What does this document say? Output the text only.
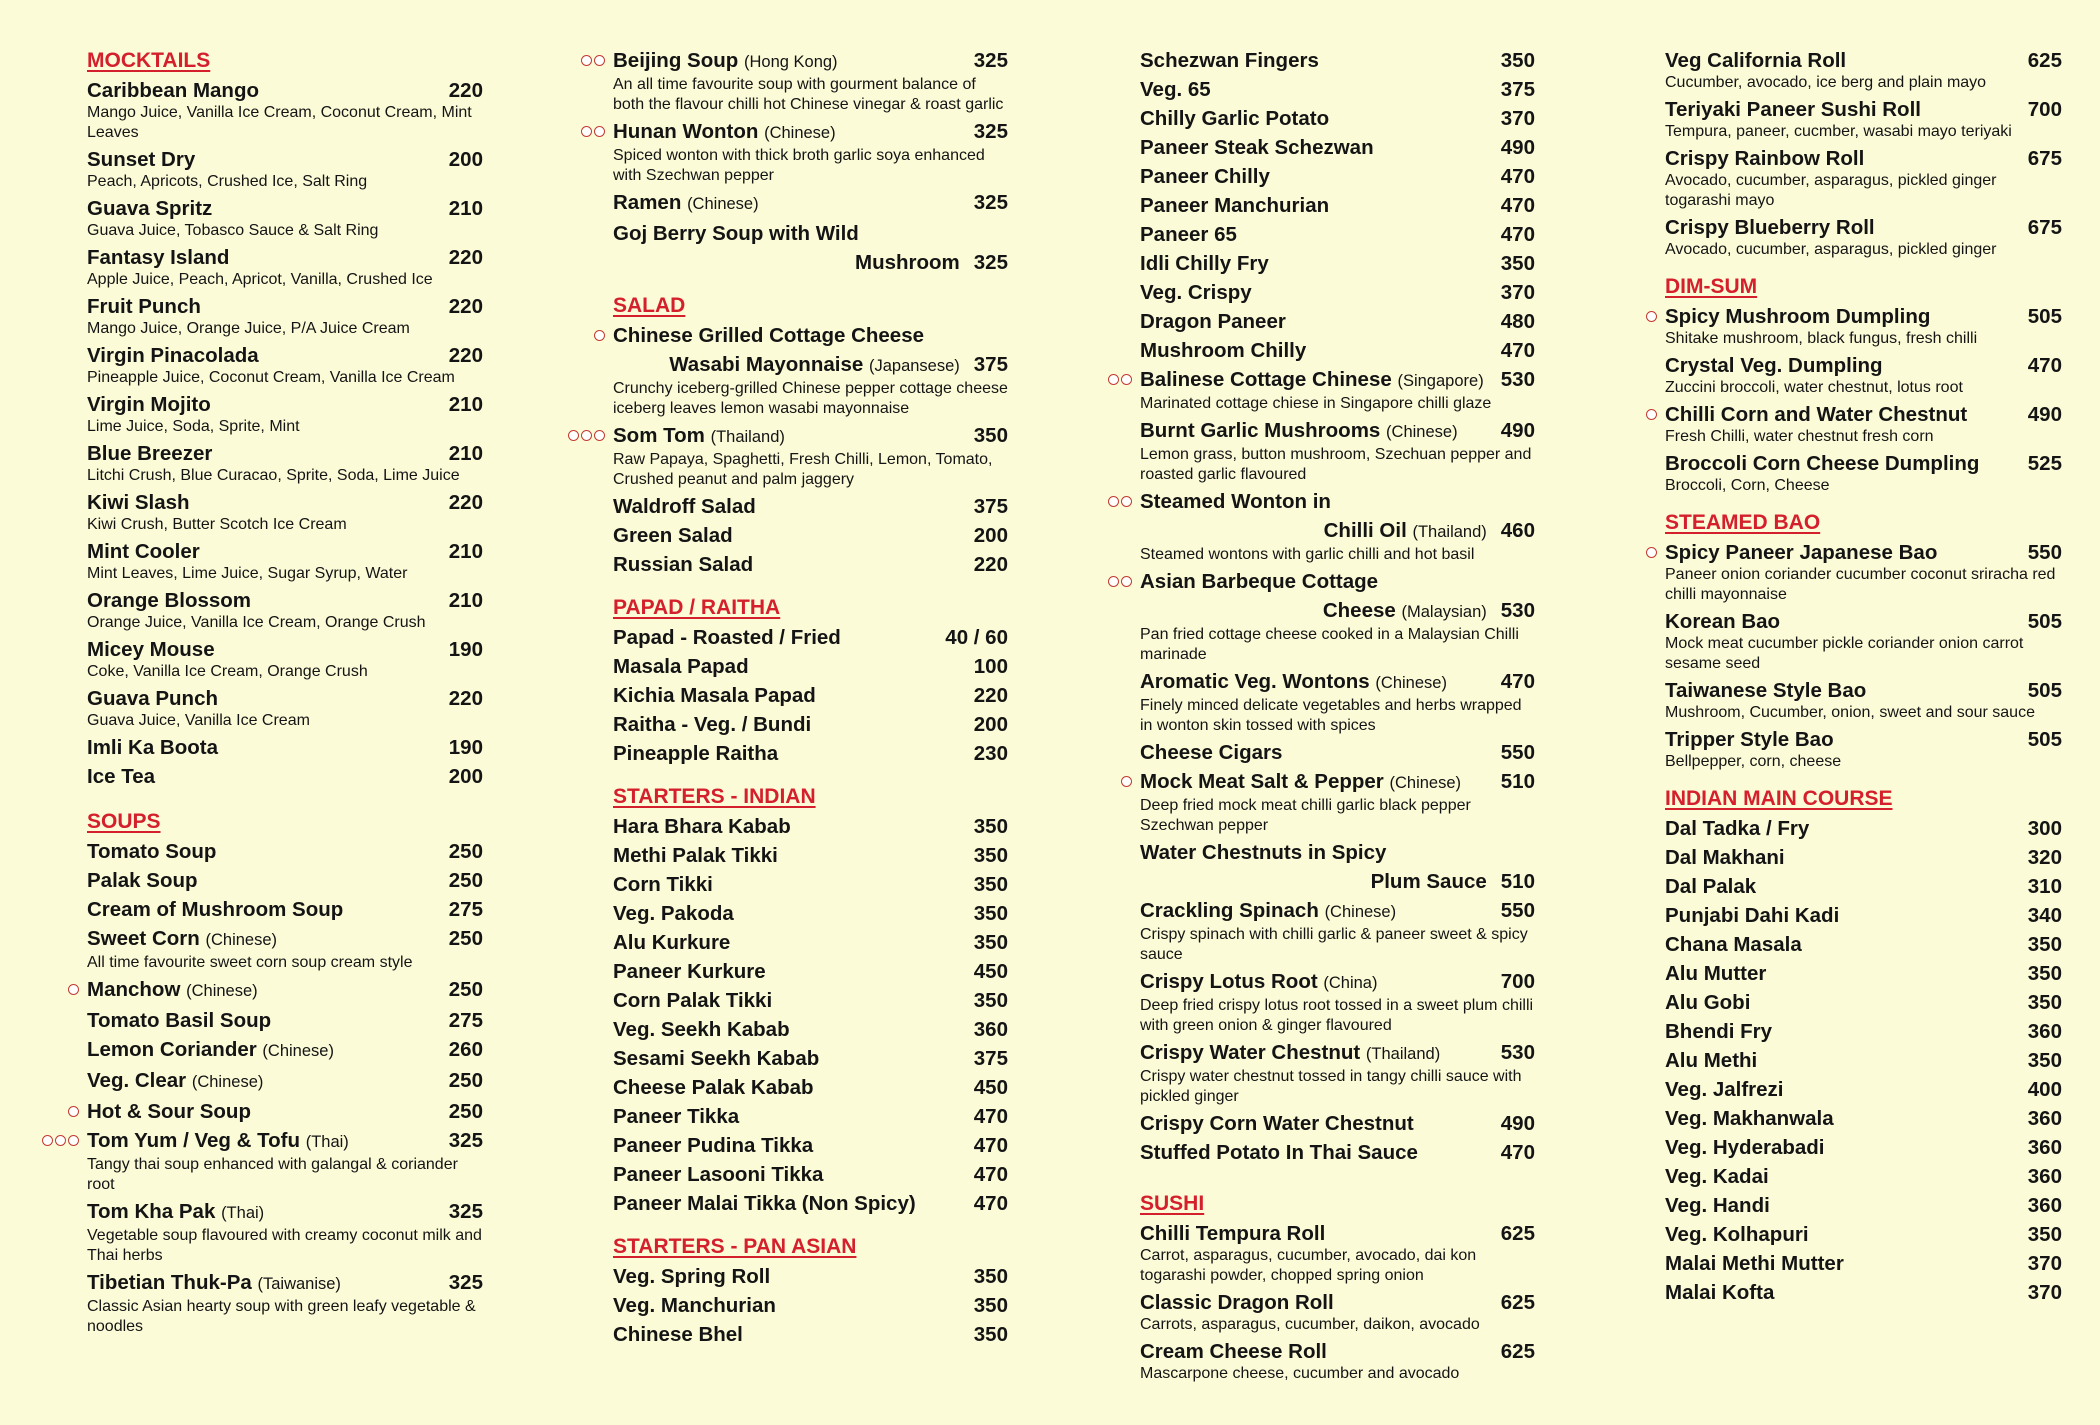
MOCKTAILS
Caribbean Mango	220
Mango Juice, Vanilla Ice Cream, Coconut Cream, Mint Leaves
Sunset Dry	200
Peach, Apricots, Crushed Ice, Salt Ring
Guava Spritz	210
Guava Juice, Tobasco Sauce & Salt Ring
Fantasy Island	220
Apple Juice, Peach, Apricot, Vanilla, Crushed Ice
Fruit Punch	220
Mango Juice, Orange Juice, P/A Juice Cream
Virgin Pinacolada	220
Pineapple Juice, Coconut Cream, Vanilla Ice Cream
Virgin Mojito	210
Lime Juice, Soda, Sprite, Mint
Blue Breezer	210
Litchi Crush, Blue Curacao, Sprite, Soda, Lime Juice
Kiwi Slash	220
Kiwi Crush, Butter Scotch Ice Cream
Mint Cooler	210
Mint Leaves, Lime Juice, Sugar Syrup, Water
Orange Blossom	210
Orange Juice, Vanilla Ice Cream, Orange Crush
Micey Mouse	190
Coke, Vanilla Ice Cream, Orange Crush
Guava Punch	220
Guava Juice, Vanilla Ice Cream
Imli Ka Boota	190
Ice Tea	200
SOUPS
Tomato Soup	250
Palak Soup	250
Cream of Mushroom Soup	275
Sweet Corn (Chinese)	250
All time favourite sweet corn soup cream style
Manchow (Chinese)	250
Tomato Basil Soup	275
Lemon Coriander (Chinese)	260
Veg. Clear (Chinese)	250
Hot & Sour Soup	250
Tom Yum / Veg & Tofu (Thai)	325
Tangy thai soup enhanced with galangal & coriander root
Tom Kha Pak (Thai)	325
Vegetable soup flavoured with creamy coconut milk and Thai herbs
Tibetian Thuk-Pa (Taiwanise)	325
Classic Asian hearty soup with green leafy vegetable & noodles
Beijing Soup (Hong Kong)	325
An all time favourite soup with gourment balance of both the flavour chilli hot Chinese vinegar & roast garlic
Hunan Wonton (Chinese)	325
Spiced wonton with thick broth garlic soya enhanced with Szechwan pepper
Ramen (Chinese)	325
Goj Berry Soup with Wild
Mushroom 325
SALAD
Chinese Grilled Cottage Cheese
Wasabi Mayonnaise (Japansese) 375
Crunchy iceberg-grilled Chinese pepper cottage cheese iceberg leaves lemon wasabi mayonnaise
Som Tom (Thailand)	350
Raw Papaya, Spaghetti, Fresh Chilli, Lemon, Tomato, Crushed peanut and palm jaggery
Waldroff Salad	375
Green Salad	200
Russian Salad	220
PAPAD / RAITHA
Papad - Roasted / Fried	40 / 60
Masala Papad	100
Kichia Masala Papad	220
Raitha - Veg. / Bundi	200
Pineapple Raitha	230
STARTERS - INDIAN
Hara Bhara Kabab	350
Methi Palak Tikki	350
Corn Tikki	350
Veg. Pakoda	350
Alu Kurkure	350
Paneer Kurkure	450
Corn Palak Tikki	350
Veg. Seekh Kabab	360
Sesami Seekh Kabab	375
Cheese Palak Kabab	450
Paneer Tikka	470
Paneer Pudina Tikka	470
Paneer Lasooni Tikka	470
Paneer Malai Tikka (Non Spicy)	470
STARTERS - PAN ASIAN
Veg. Spring Roll	350
Veg. Manchurian	350
Chinese Bhel	350
Schezwan Fingers	350
Veg. 65	375
Chilly Garlic Potato	370
Paneer Steak Schezwan	490
Paneer Chilly	470
Paneer Manchurian	470
Paneer 65	470
Idli Chilly Fry	350
Veg. Crispy	370
Dragon Paneer	480
Mushroom Chilly	470
Balinese Cottage Chinese (Singapore) 530
Marinated cottage chiese in Singapore chilli glaze
Burnt Garlic Mushrooms (Chinese)	490
Lemon grass, button mushroom, Szechuan pepper and roasted garlic flavoured
Steamed Wonton in
Chilli Oil (Thailand) 460
Steamed wontons with garlic chilli and hot basil
Asian Barbeque Cottage
Cheese (Malaysian) 530
Pan fried cottage cheese cooked in a Malaysian Chilli marinade
Aromatic Veg. Wontons (Chinese)	470
Finely minced delicate vegetables and herbs wrapped in wonton skin tossed with spices
Cheese Cigars	550
Mock Meat Salt & Pepper (Chinese)	510
Deep fried mock meat chilli garlic black pepper Szechwan pepper
Water Chestnuts in Spicy
Plum Sauce 510
Crackling Spinach (Chinese)	550
Crispy spinach with chilli garlic & paneer sweet & spicy sauce
Crispy Lotus Root (China)	700
Deep fried crispy lotus root tossed in a sweet plum chilli with green onion & ginger flavoured
Crispy Water Chestnut (Thailand)	530
Crispy water chestnut tossed in tangy chilli sauce with pickled ginger
Crispy Corn Water Chestnut	490
Stuffed Potato In Thai Sauce	470
SUSHI
Chilli Tempura Roll	625
Carrot, asparagus, cucumber, avocado, dai kon togarashi powder, chopped spring onion
Classic Dragon Roll	625
Carrots, asparagus, cucumber, daikon, avocado
Cream Cheese Roll	625
Mascarpone cheese, cucumber and avocado
Veg California Roll	625
Cucumber, avocado, ice berg and plain mayo
Teriyaki Paneer Sushi Roll	700
Tempura, paneer, cucmber, wasabi mayo teriyaki
Crispy Rainbow Roll	675
Avocado, cucumber, asparagus, pickled ginger togarashi mayo
Crispy Blueberry Roll	675
Avocado, cucumber, asparagus, pickled ginger
DIM-SUM
Spicy Mushroom Dumpling	505
Shitake mushroom, black fungus, fresh chilli
Crystal Veg. Dumpling	470
Zuccini broccoli, water chestnut, lotus root
Chilli Corn and Water Chestnut	490
Fresh Chilli, water chestnut fresh corn
Broccoli Corn Cheese Dumpling	525
Broccoli, Corn, Cheese
STEAMED BAO
Spicy Paneer Japanese Bao	550
Paneer onion coriander cucumber coconut sriracha red chilli mayonnaise
Korean Bao	505
Mock meat cucumber pickle coriander onion carrot sesame seed
Taiwanese Style Bao	505
Mushroom, Cucumber, onion, sweet and sour sauce
Tripper Style Bao	505
Bellpepper, corn, cheese
INDIAN MAIN COURSE
Dal Tadka / Fry	300
Dal Makhani	320
Dal Palak	310
Punjabi Dahi Kadi	340
Chana Masala	350
Alu Mutter	350
Alu Gobi	350
Bhendi Fry	360
Alu Methi	350
Veg. Jalfrezi	400
Veg. Makhanwala	360
Veg. Hyderabadi	360
Veg. Kadai	360
Veg. Handi	360
Veg. Kolhapuri	350
Malai Methi Mutter	370
Malai Kofta	370
